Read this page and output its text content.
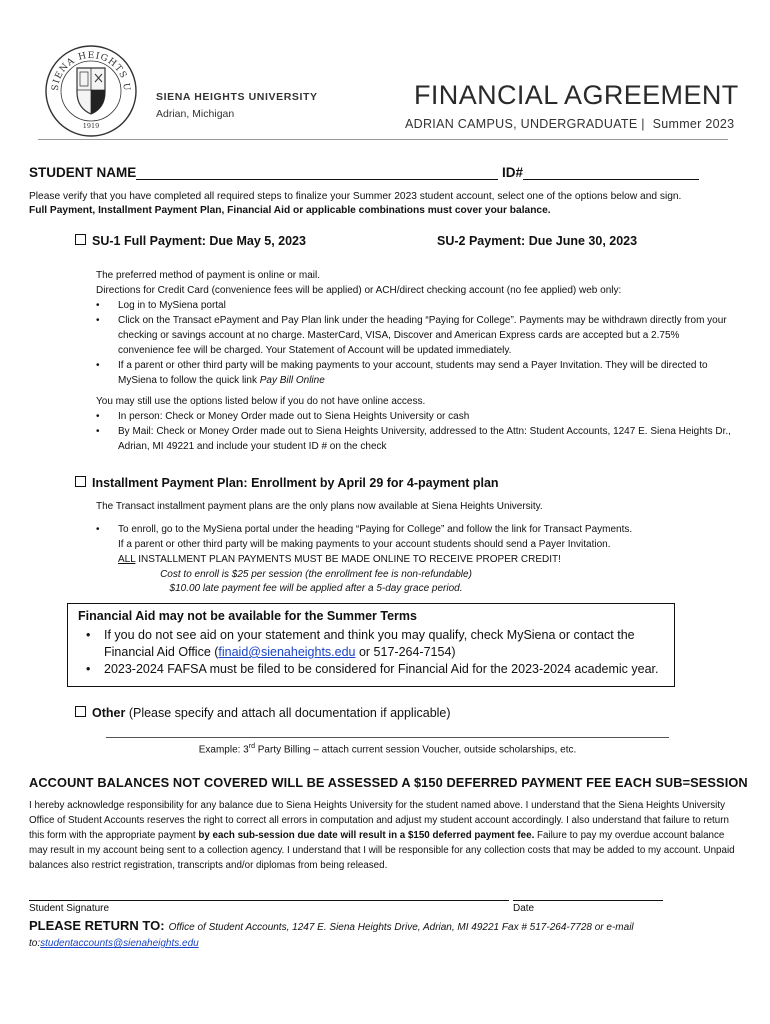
SIENA HEIGHTS U
1919
SIENA HEIGHTS UNIVERSITY
Adrian, Michigan
FINANCIAL AGREEMENT
ADRIAN CAMPUS, UNDERGRADUATE | Summer 2023
STUDENT NAME	ID#
Please verify that you have completed all required steps to finalize your Summer 2023 student account, select one of the options below and sign.
Full Payment, Installment Payment Plan, Financial Aid or applicable combinations must cover your balance.
SU-1 Full Payment: Due May 5, 2023	SU-2 Payment: Due June 30, 2023
The preferred method of payment is online or mail.
Directions for Credit Card (convenience fees will be applied) or ACH/direct checking account (no fee applied) web only:
• Log in to MySiena portal
• Click on the Transact ePayment and Pay Plan link under the heading “Paying for College”. Payments may be withdrawn directly from your checking or savings account at no charge. MasterCard, VISA, Discover and American Express cards are accepted but a 2.75% convenience fee will be charged. Your Statement of Account will be updated immediately.
• If a parent or other third party will be making payments to your account, students may send a Payer Invitation. They will be directed to MySiena to follow the quick link Pay Bill Online
You may still use the options listed below if you do not have online access.
• In person: Check or Money Order made out to Siena Heights University or cash
• By Mail: Check or Money Order made out to Siena Heights University, addressed to the Attn: Student Accounts, 1247 E. Siena Heights Dr., Adrian, MI 49221 and include your student ID # on the check
Installment Payment Plan: Enrollment by April 29 for 4-payment plan
The Transact installment payment plans are the only plans now available at Siena Heights University.
• To enroll, go to the MySiena portal under the heading “Paying for College” and follow the link for Transact Payments.
If a parent or other third party will be making payments to your account students should send a Payer Invitation.
ALL INSTALLMENT PLAN PAYMENTS MUST BE MADE ONLINE TO RECEIVE PROPER CREDIT!
Cost to enroll is $25 per session (the enrollment fee is non-refundable)
$10.00 late payment fee will be applied after a 5-day grace period.
Financial Aid may not be available for the Summer Terms
• If you do not see aid on your statement and think you may qualify, check MySiena or contact the Financial Aid Office (finaid@sienaheights.edu or 517-264-7154)
• 2023-2024 FAFSA must be filed to be considered for Financial Aid for the 2023-2024 academic year.
Other (Please specify and attach all documentation if applicable)
Example: 3rd Party Billing – attach current session Voucher, outside scholarships, etc.
ACCOUNT BALANCES NOT COVERED WILL BE ASSESSED A $150 DEFERRED PAYMENT FEE EACH SUB=SESSION
I hereby acknowledge responsibility for any balance due to Siena Heights University for the student named above. I understand that the Siena Heights University Office of Student Accounts reserves the right to correct all errors in computation and adjust my student account accordingly. I also understand that failure to return this form with the appropriate payment by each sub-session due date will result in a $150 deferred payment fee. Failure to pay my overdue account balance may result in my account being sent to a collection agency. I understand that I will be responsible for any collection costs that may be added to my account. Unpaid balances also restrict registration, transcripts and/or diplomas from being released.
Student Signature	Date
PLEASE RETURN TO: Office of Student Accounts, 1247 E. Siena Heights Drive, Adrian, MI 49221 Fax # 517-264-7728 or e-mail to:studentaccounts@sienaheights.edu
